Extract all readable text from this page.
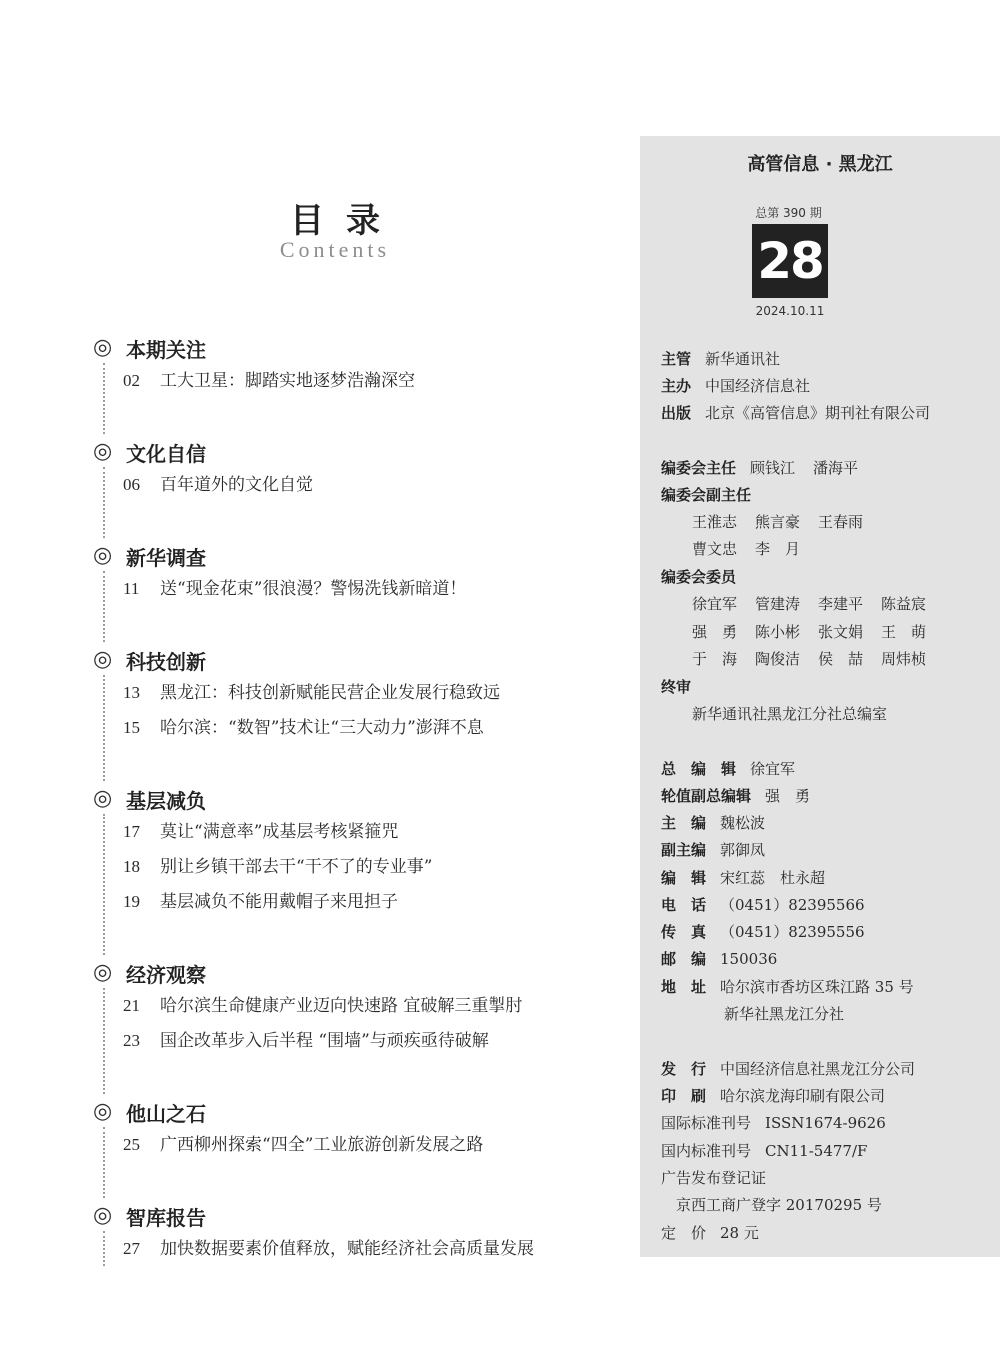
目录
Contents
◎ 本期关注
02 工大卫星：脚踏实地逐梦浩瀚深空
◎ 文化自信
06 百年道外的文化自觉
◎ 新华调查
11 送“现金花束”很浪漫？警惕洗钱新暗道！
◎ 科技创新
13 黑龙江：科技创新赋能民营企业发展行稳致远
15 哈尔滨：“数智”技术让“三大动力”澎湃不息
◎ 基层减负
17 莫让“满意率”成基层考核紧箍咒
18 别让乡镇干部去干“干不了的专业事”
19 基层减负不能用戴帽子来甩担子
◎ 经济观察
21 哈尔滨生命健康产业迈向快速路 宜破解三重掣肘
23 国企改革步入后半程 “围墙”与顽疾亟待破解
◎ 他山之石
25 广西柳州探索“四全”工业旅游创新发展之路
◎ 智库报告
27 加快数据要素价值释放，赋能经济社会高质量发展
高管信息 · 黑龙江
总第 390 期
28
2024.10.11
主管 新华通讯社
主办 中国经济信息社
出版 北京《高管信息》期刊社有限公司
编委会主任 顾钱江 潘海平
编委会副主任
王淮志 熊言豪 王春雨
曹文忠 李　月
编委会委员
徐宜军 管建涛 李建平 陈益宸
强　勇 陈小彬 张文娟 王　萌
于　海 陶俊洁 侯　喆 周炜桢
终审
新华通讯社黑龙江分社总编室
总　编　辑 徐宜军
轮值副总编辑 强　勇
主　编 魏松波
副主编 郭御凤
编　辑 宋红蕊　杜永超
电　话 （0451）82395566
传　真 （0451）82395556
邮　编 150036
地　址 哈尔滨市香坊区珠江路 35 号
新华社黑龙江分社
发　行 中国经济信息社黑龙江分公司
印　刷 哈尔滨龙海印刷有限公司
国际标准刊号 ISSN1674-9626
国内标准刊号 CN11-5477/F
广告发布登记证
京西工商广登字 20170295 号
定　价 28 元
